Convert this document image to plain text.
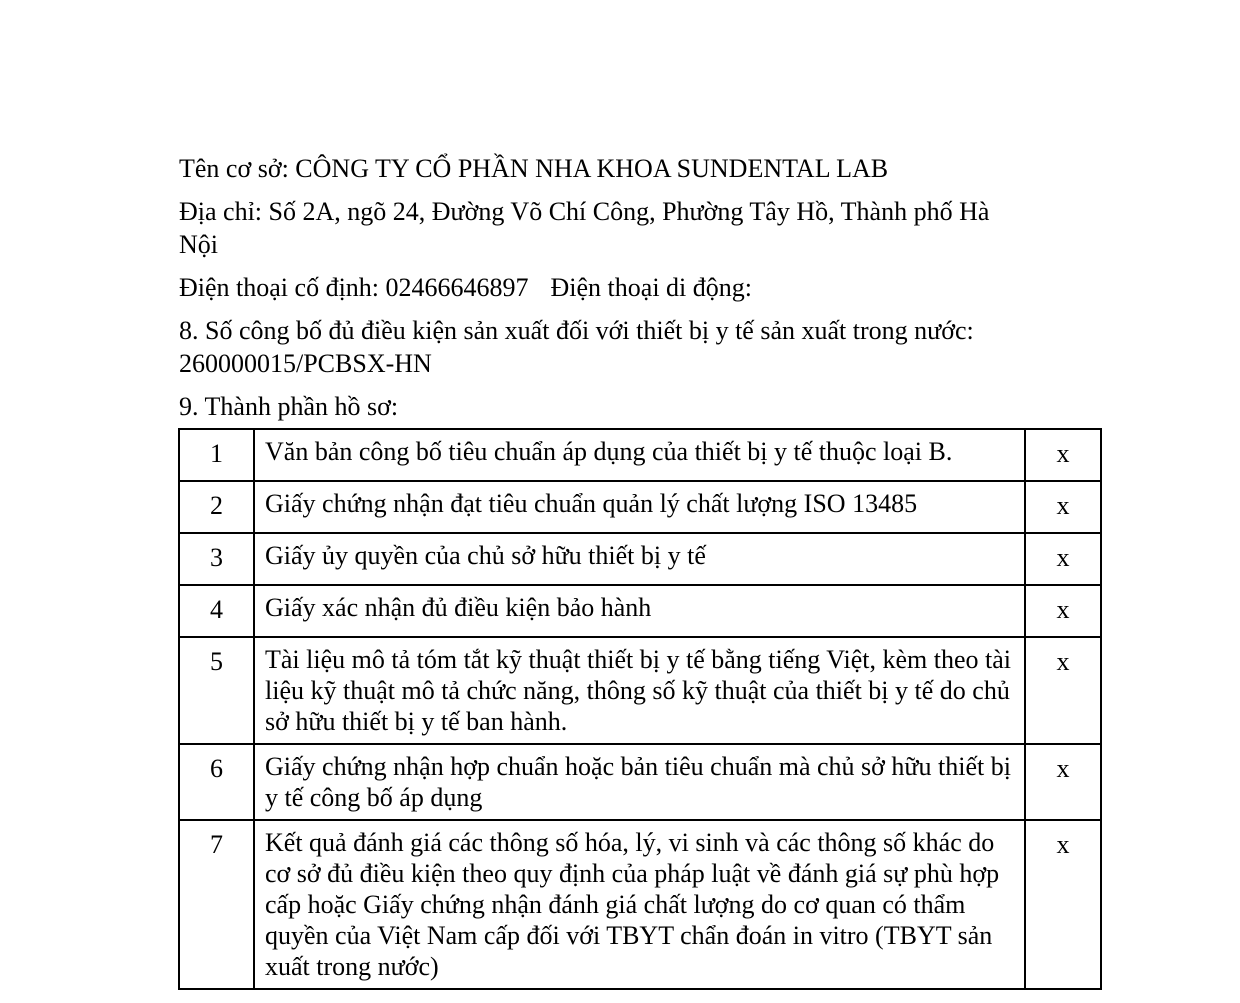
Tên cơ sở: CÔNG TY CỔ PHẦN NHA KHOA SUNDENTAL LAB

Địa chỉ: Số 2A, ngõ 24, Đường Võ Chí Công, Phường Tây Hồ, Thành phố Hà

Nội

Điện thoại cố định: 02466646897 Điện thoại di động:

8. Số công bố đủ điều kiện sản xuất đối với thiết bị y tế sản xuất trong nước:

260000015/PCBSX-HN

9. Thành phần hồ sơ:

1	Văn bản công bố tiêu chuẩn áp dụng của thiết bị y tế thuộc loại B.	x
2	Giấy chứng nhận đạt tiêu chuẩn quản lý chất lượng ISO 13485	x
3	Giấy ủy quyền của chủ sở hữu thiết bị y tế	x
4	Giấy xác nhận đủ điều kiện bảo hành	x
5	Tài liệu mô tả tóm tắt kỹ thuật thiết bị y tế bằng tiếng Việt, kèm theo tài liệu kỹ thuật mô tả chức năng, thông số kỹ thuật của thiết bị y tế do chủ sở hữu thiết bị y tế ban hành.	x
6	Giấy chứng nhận hợp chuẩn hoặc bản tiêu chuẩn mà chủ sở hữu thiết bị y tế công bố áp dụng	x
7	Kết quả đánh giá các thông số hóa, lý, vi sinh và các thông số khác do cơ sở đủ điều kiện theo quy định của pháp luật về đánh giá sự phù hợp cấp hoặc Giấy chứng nhận đánh giá chất lượng do cơ quan có thẩm quyền của Việt Nam cấp đối với TBYT chẩn đoán in vitro (TBYT sản xuất trong nước)	x
